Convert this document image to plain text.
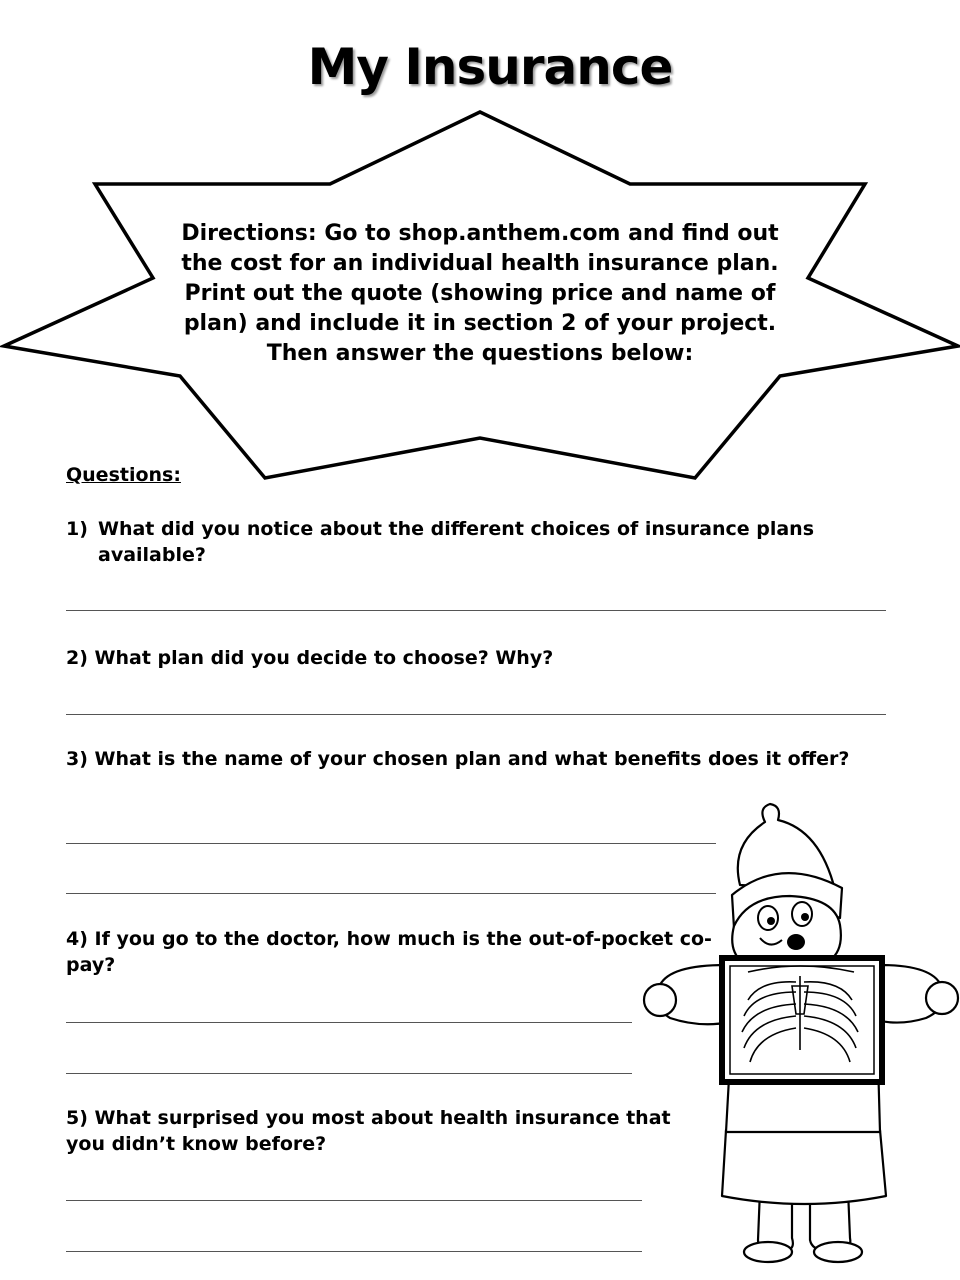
My Insurance
Directions: Go to shop.anthem.com and find out the cost for an individual health insurance plan. Print out the quote (showing price and name of plan) and include it in section 2 of your project. Then answer the questions below:
Questions:
1) What did you notice about the different choices of insurance plans available?
2) What plan did you decide to choose? Why?
3) What is the name of your chosen plan and what benefits does it offer?
4) If you go to the doctor, how much is the out-of-pocket co-pay?
5) What surprised you most about health insurance that you didn’t know before?
